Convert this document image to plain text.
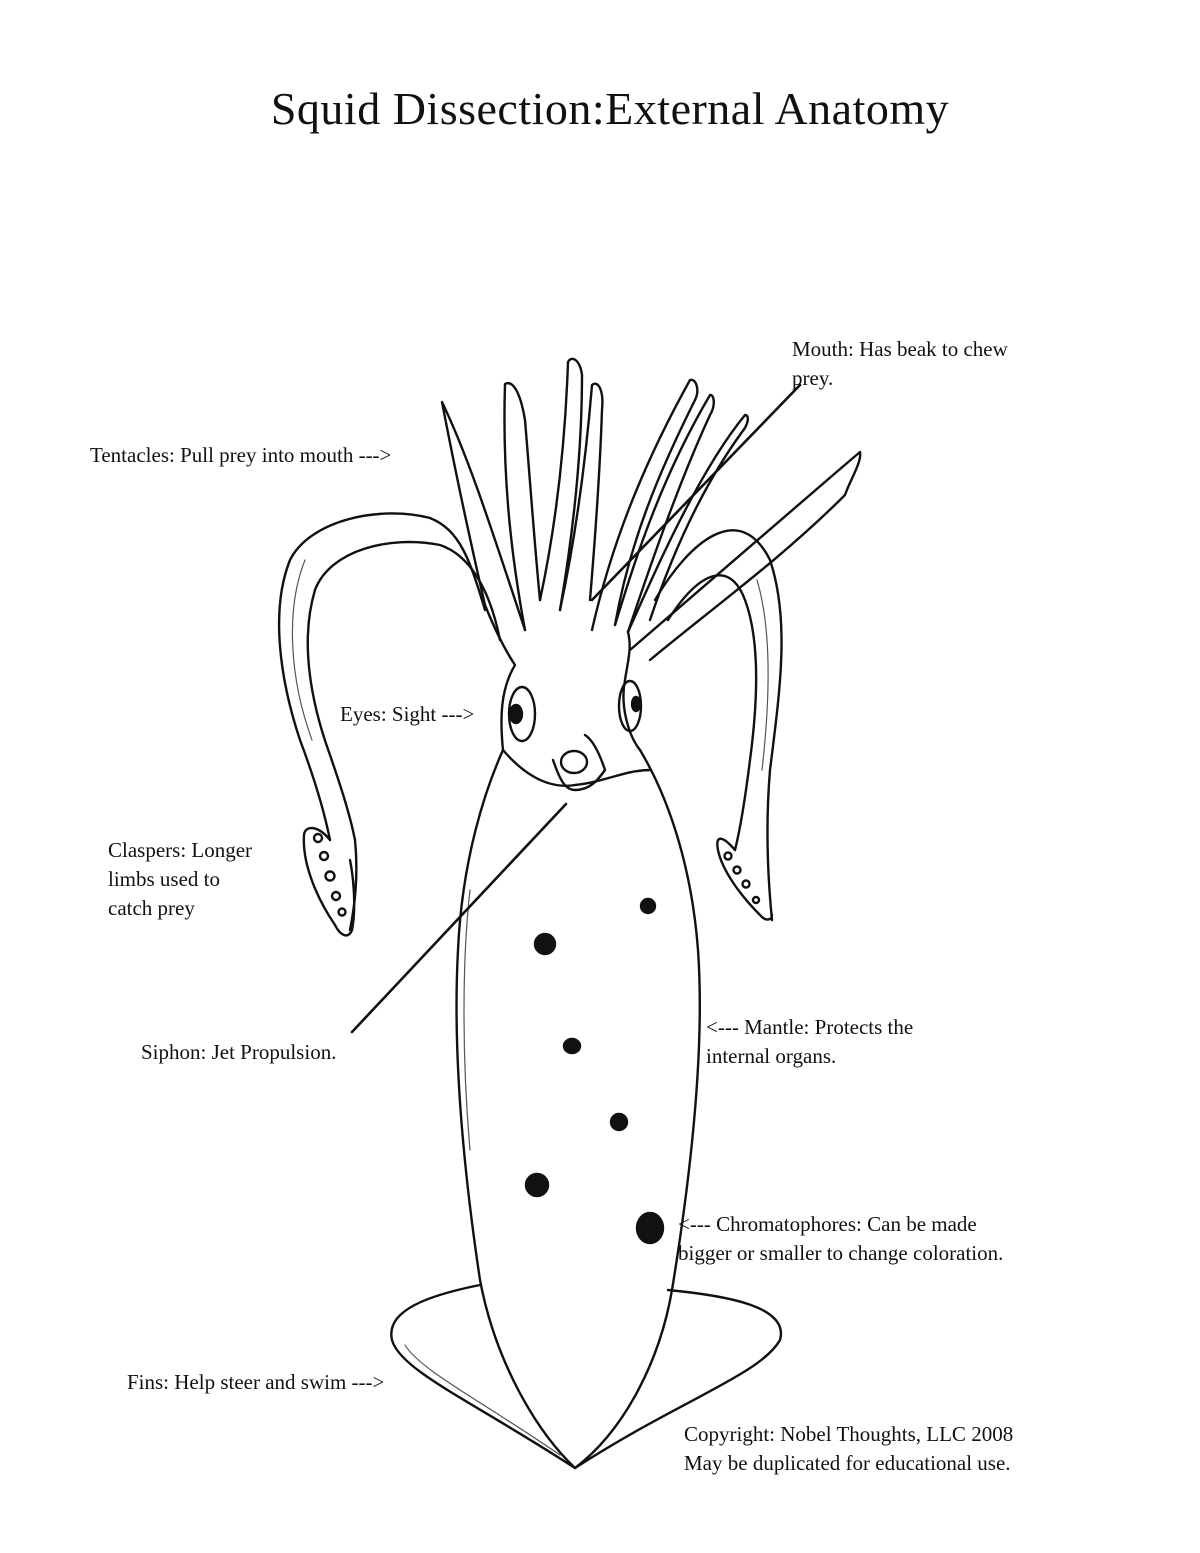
Squid Dissection:External Anatomy
Mouth: Has beak to chew
prey.
Tentacles: Pull prey into mouth --->
Eyes: Sight --->
Claspers: Longer
limbs used to
catch prey
Siphon: Jet Propulsion.
<--- Mantle: Protects the
internal organs.
<--- Chromatophores: Can be made
bigger or smaller to change coloration.
Fins: Help steer and swim --->
Copyright: Nobel Thoughts, LLC 2008
May be duplicated for educational use.
